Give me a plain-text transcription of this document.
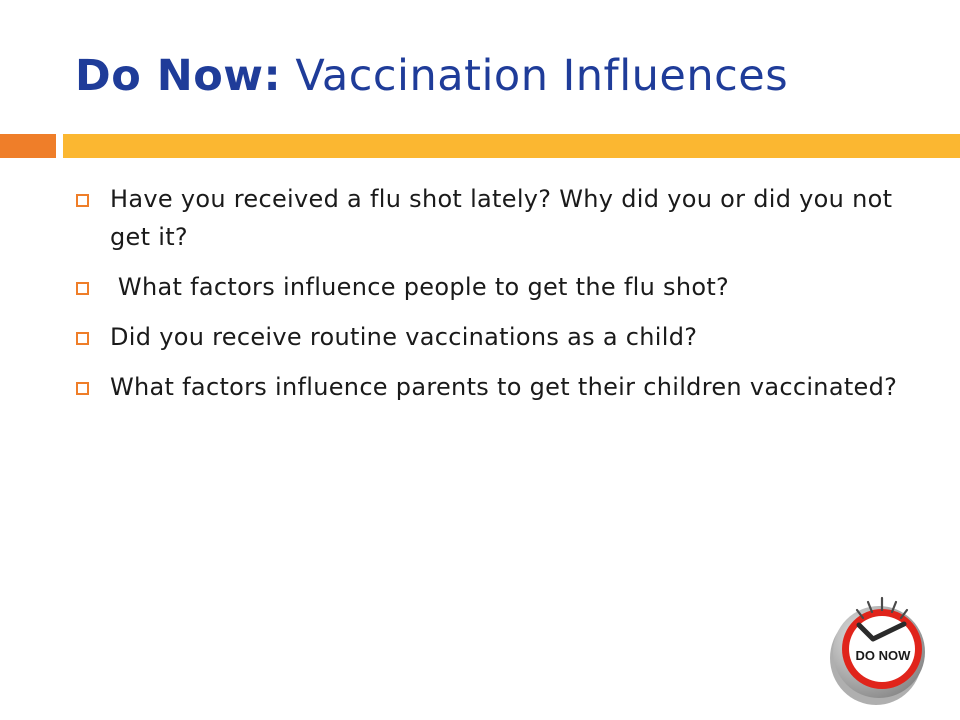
Do Now: Vaccination Influences
Have you received a flu shot lately? Why did you or did you not get it?
What factors influence people to get the flu shot?
Did you receive routine vaccinations as a child?
What factors influence parents to get their children vaccinated?
DO NOW
